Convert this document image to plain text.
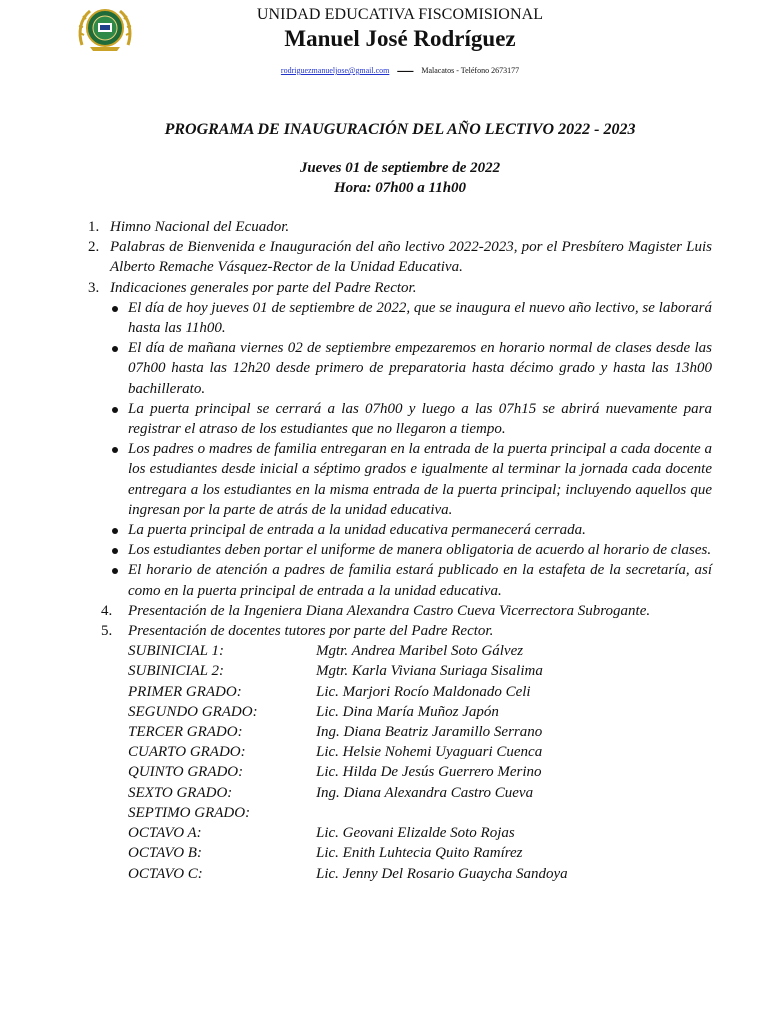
UNIDAD EDUCATIVA FISCOMISIONAL
Manuel José Rodríguez
rodriguezmanueljose@gmail.com — Malacatos - Teléfono 2673177
PROGRAMA DE INAUGURACIÓN DEL AÑO LECTIVO 2022 - 2023
Jueves 01 de septiembre de 2022
Hora: 07h00 a 11h00
1. Himno Nacional del Ecuador.
2. Palabras de Bienvenida e Inauguración del año lectivo 2022-2023, por el Presbítero Magister Luis Alberto Remache Vásquez-Rector de la Unidad Educativa.
3. Indicaciones generales por parte del Padre Rector.
El día de hoy jueves 01 de septiembre de 2022, que se inaugura el nuevo año lectivo, se laborará hasta las 11h00.
El día de mañana viernes 02 de septiembre empezaremos en horario normal de clases desde las 07h00 hasta las 12h20 desde primero de preparatoria hasta décimo grado y hasta las 13h00 bachillerato.
La puerta principal se cerrará a las 07h00 y luego a las 07h15 se abrirá nuevamente para registrar el atraso de los estudiantes que no llegaron a tiempo.
Los padres o madres de familia entregaran en la entrada de la puerta principal a cada docente a los estudiantes desde inicial a séptimo grados e igualmente al terminar la jornada cada docente entregara a los estudiantes en la misma entrada de la puerta principal; incluyendo aquellos que ingresan por la parte de atrás de la unidad educativa.
La puerta principal de entrada a la unidad educativa permanecerá cerrada.
Los estudiantes deben portar el uniforme de manera obligatoria de acuerdo al horario de clases.
El horario de atención a padres de familia estará publicado en la estafeta de la secretaría, así como en la puerta principal de entrada a la unidad educativa.
4. Presentación de la Ingeniera Diana Alexandra Castro Cueva Vicerrectora Subrogante.
5. Presentación de docentes tutores por parte del Padre Rector.
SUBINICIAL 1:	Mgtr. Andrea Maribel Soto Gálvez
SUBINICIAL 2:	Mgtr. Karla Viviana Suriaga Sisalima
PRIMER GRADO:	Lic. Marjori Rocío Maldonado Celi
SEGUNDO GRADO:	Lic. Dina María Muñoz Japón
TERCER GRADO:	Ing. Diana Beatriz Jaramillo Serrano
CUARTO GRADO:	Lic. Helsie Nohemi Uyaguari Cuenca
QUINTO GRADO:	Lic. Hilda De Jesús Guerrero Merino
SEXTO GRADO:	Ing. Diana Alexandra Castro Cueva
SEPTIMO GRADO:
OCTAVO A:	Lic. Geovani Elizalde Soto Rojas
OCTAVO B:	Lic. Enith Luhtecia Quito Ramírez
OCTAVO C:	Lic. Jenny Del Rosario Guaycha Sandoya
